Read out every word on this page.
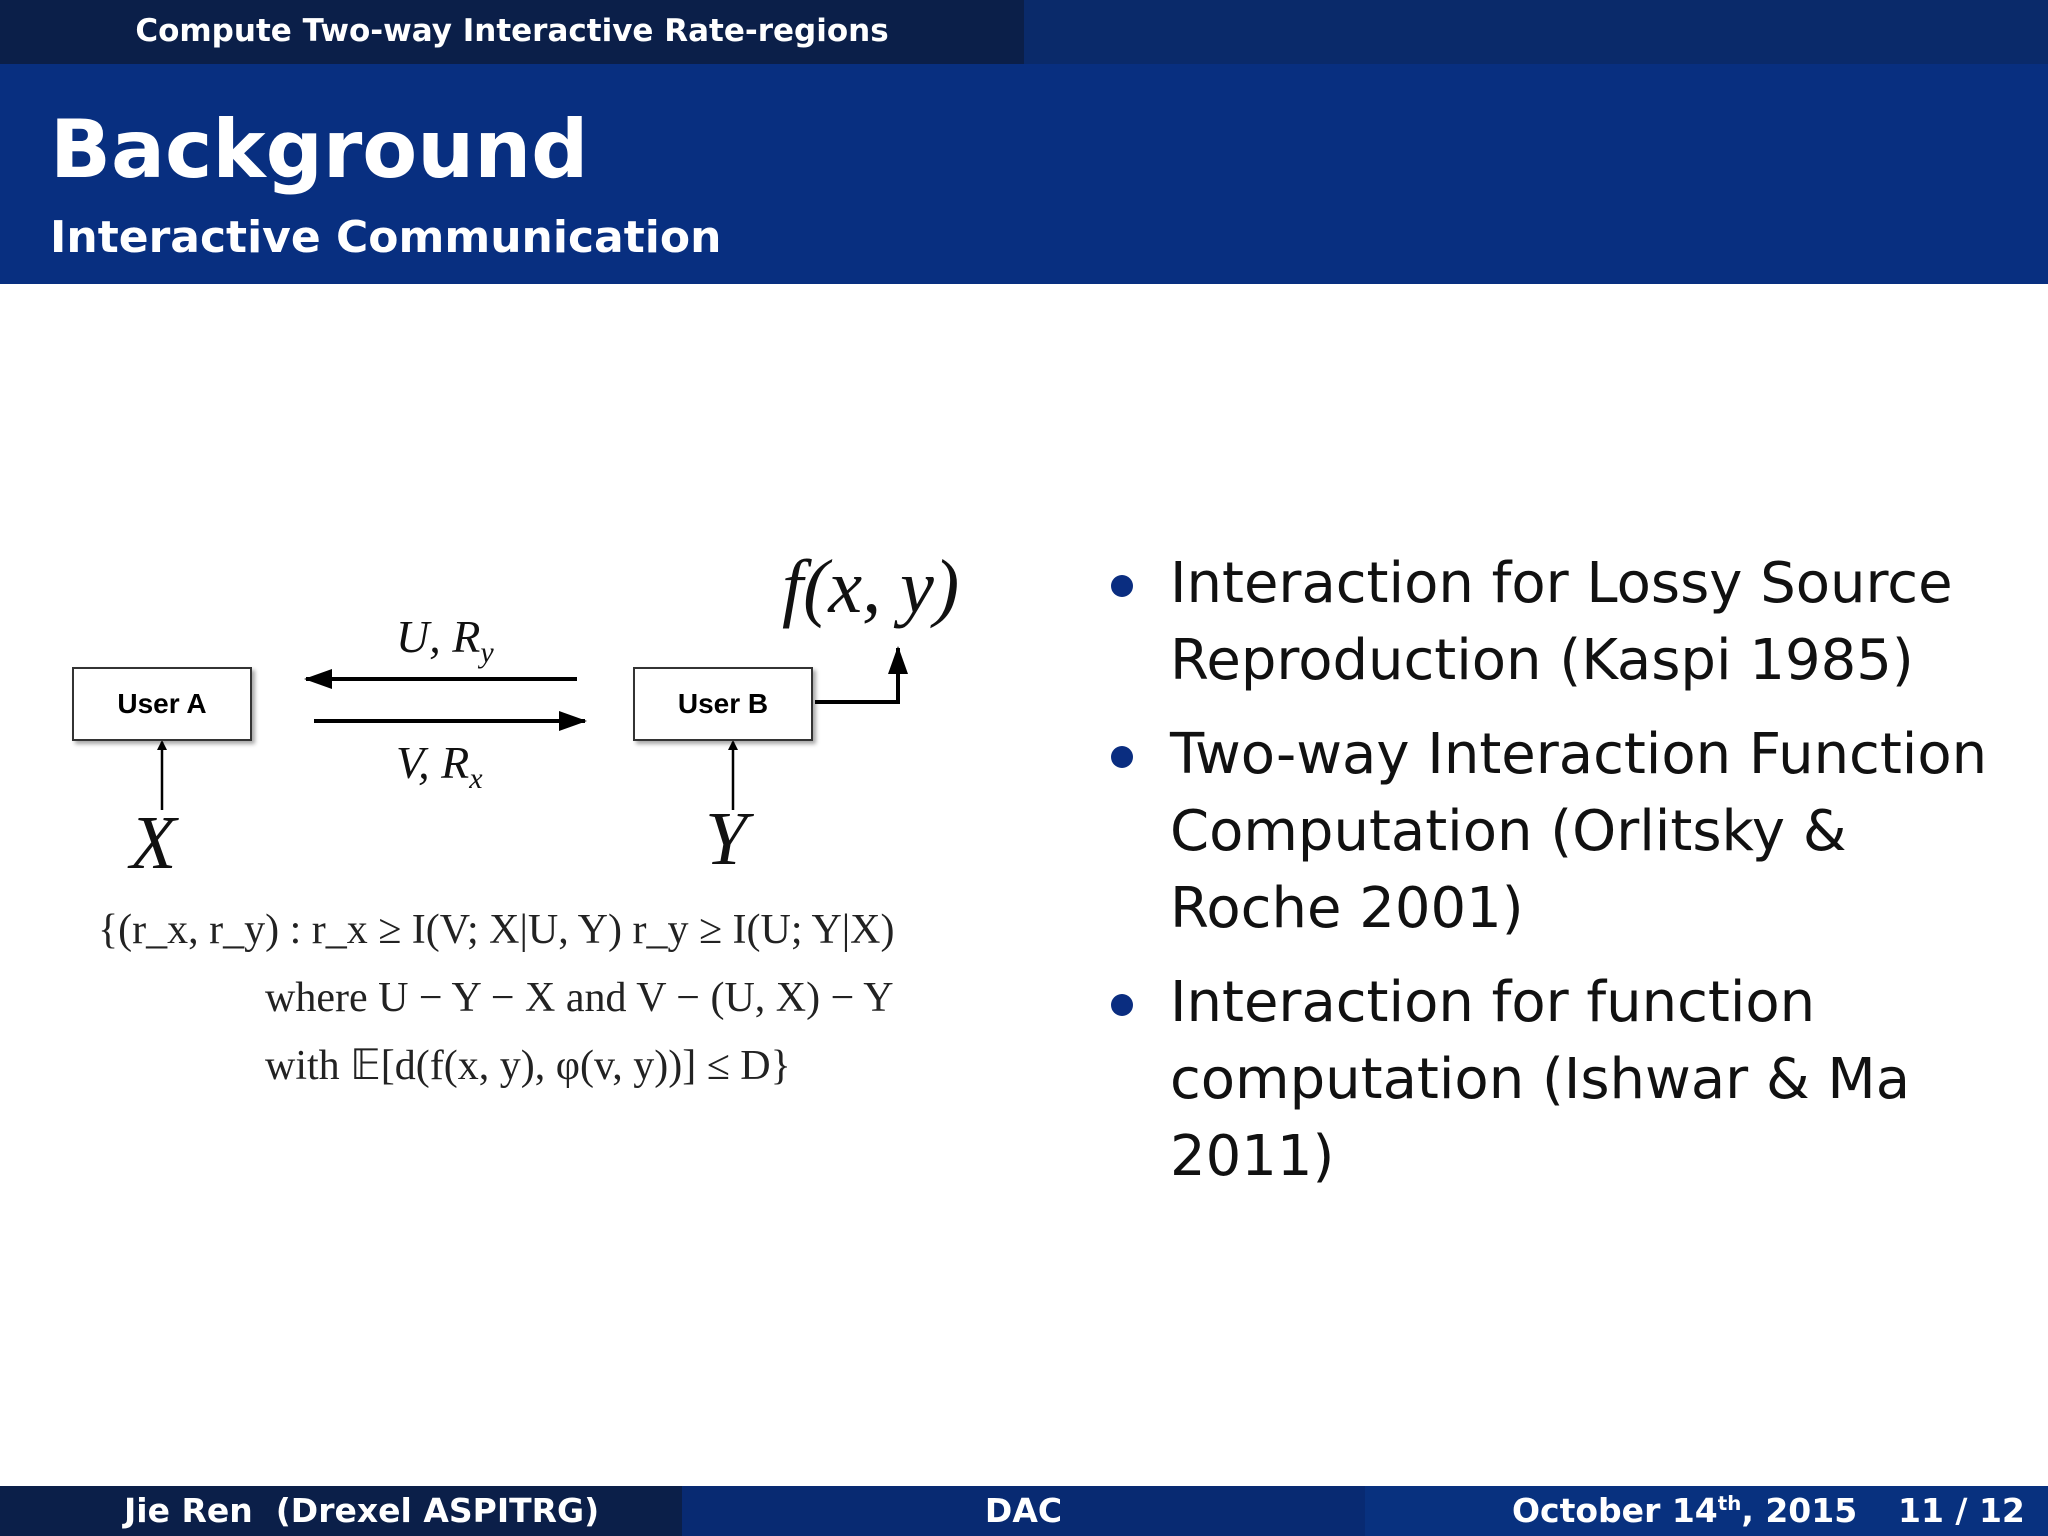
Compute Two-way Interactive Rate-regions
Background
Interactive Communication
User A	User B
U, $R_y$
V, $R_x$
X	Y
f(x, y)
{(r_x, r_y) : r_x ≥ I(V; X|U, Y) r_y ≥ I(U; Y|X)
where U − Y − X and V − (U, X) − Y
with 𝔼[d(f(x, y), φ(v, y))] ≤ D}
Interaction for Lossy Source Reproduction (Kaspi 1985)
Two-way Interaction Function Computation (Orlitsky & Roche 2001)
Interaction for function computation (Ishwar & Ma 2011)
Jie Ren  (Drexel ASPITRG)	DAC	October 14th, 2015 11 / 12
